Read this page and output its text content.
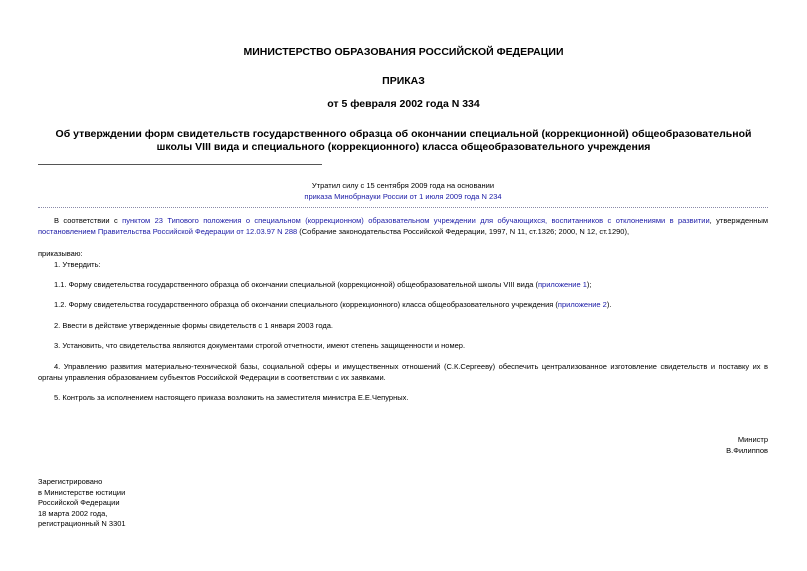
МИНИСТЕРСТВО ОБРАЗОВАНИЯ РОССИЙСКОЙ ФЕДЕРАЦИИ
ПРИКАЗ
от 5 февраля 2002 года N 334
Об утверждении форм свидетельств государственного образца об окончании специальной (коррекционной) общеобразовательной школы VIII вида и специального (коррекционного) класса общеобразовательного учреждения
Утратил силу с 15 сентября 2009 года на основании
приказа Минобрнауки России от 1 июля 2009 года N 234
В соответствии с пунктом 23 Типового положения о специальном (коррекционном) образовательном учреждении для обучающихся, воспитанников с отклонениями в развитии, утвержденным постановлением Правительства Российской Федерации от 12.03.97 N 288 (Собрание законодательства Российской Федерации, 1997, N 11, ст.1326; 2000, N 12, ст.1290),
приказываю:
1. Утвердить:
1.1. Форму свидетельства государственного образца об окончании специальной (коррекционной) общеобразовательной школы VIII вида (приложение 1);
1.2. Форму свидетельства государственного образца об окончании специального (коррекционного) класса общеобразовательного учреждения (приложение 2).
2. Ввести в действие утвержденные формы свидетельств с 1 января 2003 года.
3. Установить, что свидетельства являются документами строгой отчетности, имеют степень защищенности и номер.
4. Управлению развития материально-технической базы, социальной сферы и имущественных отношений (С.К.Сергееву) обеспечить централизованное изготовление свидетельств и поставку их в органы управления образованием субъектов Российской Федерации в соответствии с их заявками.
5. Контроль за исполнением настоящего приказа возложить на заместителя министра Е.Е.Чепурных.
Министр
В.Филиппов
Зарегистрировано
в Министерстве юстиции
Российской Федерации
18 марта 2002 года,
регистрационный N 3301
